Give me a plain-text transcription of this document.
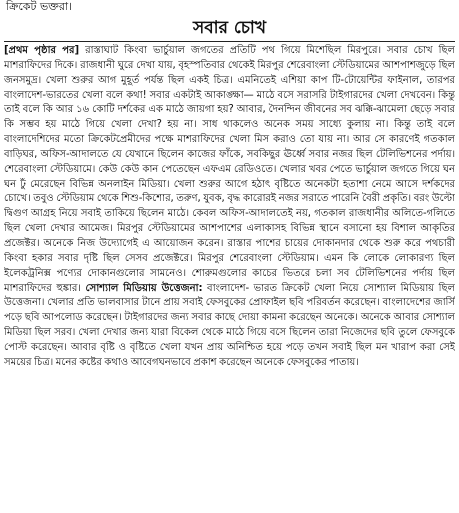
ক্রিকেট ভক্তরা।
সবার চোখ
[প্রথম পৃষ্ঠার পর] রাস্তাঘাট কিংবা ভার্চুয়াল জগতের প্রতিটি পথ গিয়ে মিশেছিল মিরপুরে। সবার চোখ ছিল মাশরাফিদের দিকে। রাজধানী ঘুরে দেখা যায়, বৃহস্পতিবার থেকেই মিরপুর শেরেবাংলা স্টেডিয়ামের আশপাশজুড়ে ছিল জনসমুদ্র। খেলা শুরুর আগ মুহূর্ত পর্যন্ত ছিল একই চিত্র। এমনিতেই এশিয়া কাপ টি-টোয়েন্টির ফাইনাল, তারপর বাংলাদেশ-ভারতের খেলা বলে কথা! সবার একটাই আকাঙ্ক্ষা— মাঠে বসে সরাসরি টাইগারদের খেলা দেখবেন। কিন্তু তাই বলে কি আর ১৬ কোটি দর্শকের এক মাঠে জায়গা হয়? আবার, দৈনন্দিন জীবনের সব ঝক্কি-ঝামেলা ছেড়ে সবার কি সম্ভব হয় মাঠে গিয়ে খেলা দেখা? হয় না। সাধ থাকলেও অনেক সময় সাধ্যে কুলায় না। কিন্তু তাই বলে বাংলাদেশিদের মতো ক্রিকেটপ্রেমীদের পক্ষে মাশরাফিদের খেলা মিস করাও তো যায় না। আর সে কারণেই গতকাল বাড়িঘর, অফিস-আদালতে যে যেখানে ছিলেন কাজের ফাঁকে, সবকিছুর ঊর্ধ্বে সবার নজর ছিল টেলিভিশনের পর্দায়। শেরেবাংলা স্টেডিয়ামে। কেউ কেউ কান পেতেছেন এফএম রেডিওতে। খেলার খবর পেতে ভার্চুয়াল জগতে গিয়ে ঘন ঘন ঢুঁ মেরেছেন বিভিন্ন অনলাইন মিডিয়া। খেলা শুরুর আগে হঠাৎ বৃষ্টিতে অনেকটা হতাশা নেমে আসে দর্শকদের চোখে। তবুও স্টেডিয়াম থেকে শিশু-কিশোর, তরুণ, যুবক, বৃদ্ধ কারোরই নজর সরাতে পারেনি বৈরী প্রকৃতি। বরং উল্টো দ্বিগুণ আগ্রহ নিয়ে সবাই তাকিয়ে ছিলেন মাঠে। কেবল অফিস-আদালতেই নয়, গতকাল রাজধানীর অলিতে-গলিতে ছিল খেলা দেখার আমেজ। মিরপুর স্টেডিয়ামের আশপাশের এলাকাসহ বিভিন্ন স্থানে বসানো হয় বিশাল আকৃতির প্রজেক্টর। অনেকে নিজ উদ্যোগেই এ আয়োজন করেন। রাস্তার পাশের চায়ের দোকানদার থেকে শুরু করে পথচারী কিংবা হকার সবার দৃষ্টি ছিল সেসব প্রজেক্টরে। মিরপুর শেরেবাংলা স্টেডিয়াম। এমন কি লোকে লোকারণ্য ছিল ইলেকট্রনিক্স পণ্যের দোকানগুলোর সামনেও। শোরুমগুলোর কাচের ভিতরে চলা সব টেলিভিশনের পর্দায় ছিল মাশরাফিদের হুঙ্কার। সোশ্যাল মিডিয়ায় উত্তেজনা: বাংলাদেশ- ভারত ক্রিকেট খেলা নিয়ে সোশ্যাল মিডিয়ায় ছিল উত্তেজনা। খেলার প্রতি ভালবাসার টানে প্রায় সবাই ফেসবুকের প্রোফাইল ছবি পরিবর্তন করেছেন। বাংলাদেশের জার্সি পড়ে ছবি আপলোড করেছেন। টাইগারদের জন্য সবার কাছে দোয়া কামনা করেছেন অনেকে। অনেকে আবার সোশ্যাল মিডিয়া ছিল সরব। খেলা দেখার জন্য যারা বিকেল থেকে মাঠে গিয়ে বসে ছিলেন তারা নিজেদের ছবি তুলে ফেসবুকে পোস্ট করেছেন। আবার বৃষ্টি ও বৃষ্টিতে খেলা যখন প্রায় অনিশ্চিত হয়ে পড়ে তখন সবাই ছিল মন খারাপ করা সেই সময়ের চিত্র। মনের কষ্টের কথাও আবেগঘনভাবে প্রকাশ করেছেন অনেকে ফেসবুকের পাতায়।
